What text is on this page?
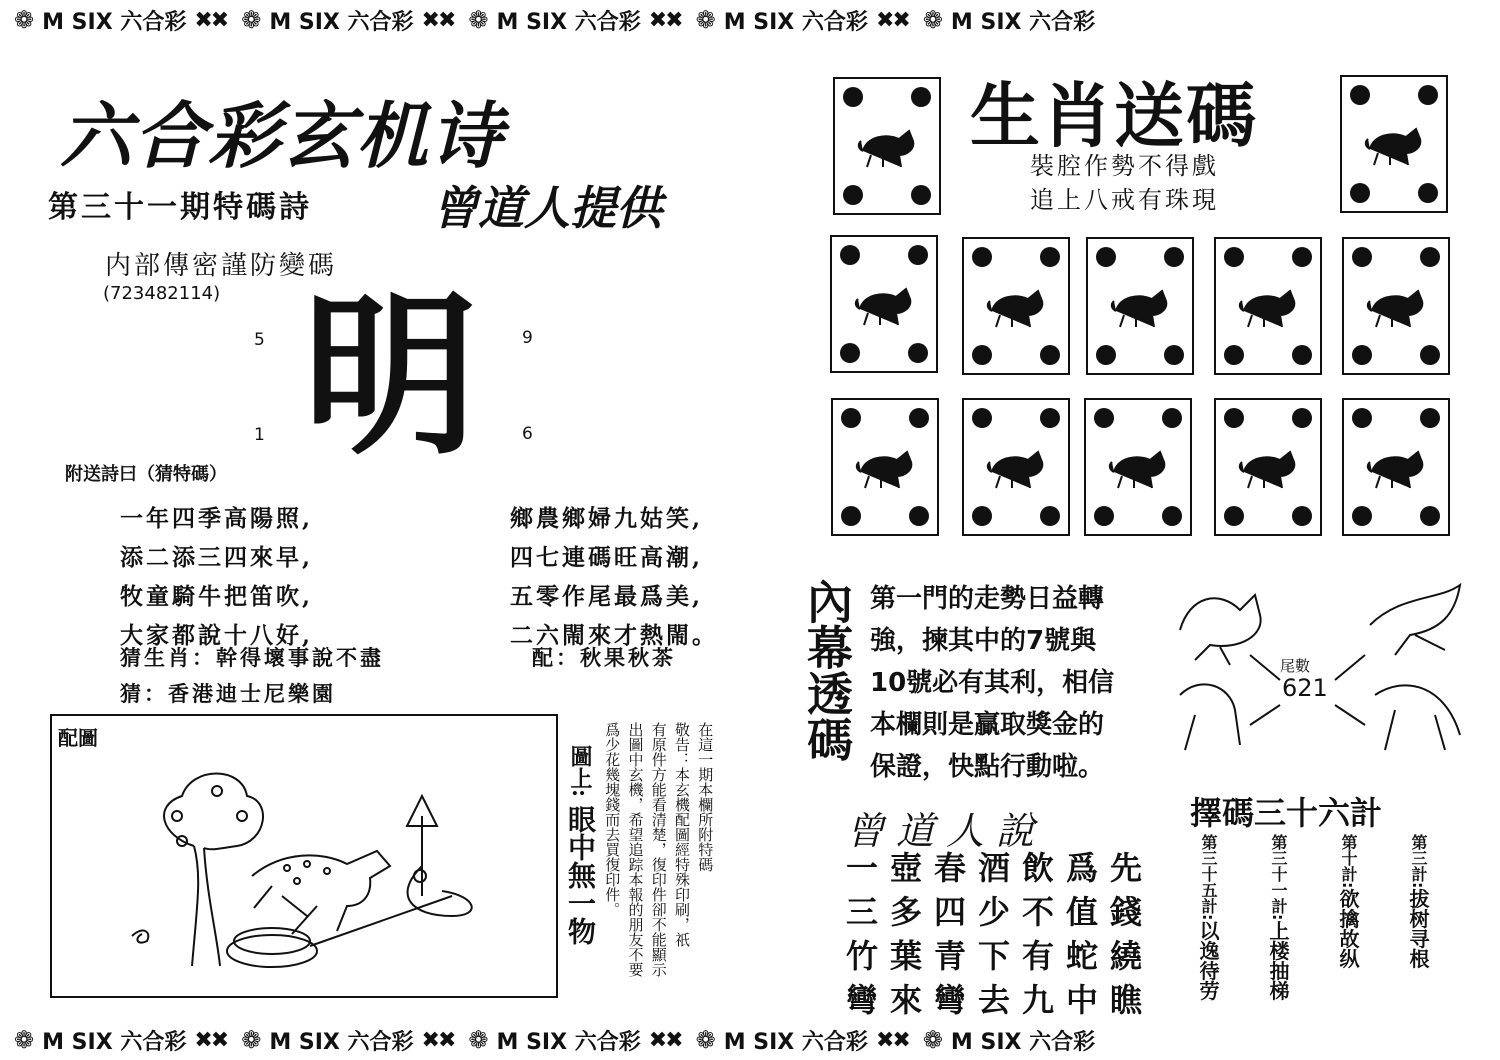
❁ M SIX 六合彩 ✖✖ ❁ M SIX 六合彩 ✖✖ ❁ M SIX 六合彩 ✖✖ ❁ M SIX 六合彩 ✖✖ ❁ M SIX 六合彩
六合彩玄机诗
第三十一期特碼詩	曾道人提供
内部傳密謹防變碼
(723482114)
5	9
1	6
明
附送詩曰（猜特碼）
一年四季高陽照,
添二添三四來早,
牧童騎牛把笛吹,
大家都說十八好,
鄉農鄉婦九姑笑,
四七連碼旺高潮,
五零作尾最爲美,
二六閙來才熱閙。
猜生肖：幹得壞事說不盡	配：秋果秋茶
猜：香港迪士尼樂園
配圖
圖上: 眼中無一物
在這一期本欄所附特碼
敬告：本玄機配圖經特殊印刷，祇
有原件方能看清楚，復印件卻不能顯示
出圖中玄機，希望追踪本報的朋友不要
爲少花幾塊錢而去買復印件。
生肖送碼
裝腔作勢不得戲
追上八戒有珠現
內幕透碼 第一門的走勢日益轉
強，揀其中的7號與
10號必有其利，相信
本欄則是贏取獎金的
保證，快點行動啦。
尾數
621
曾道人說
一壺春酒飲爲先
三多四少不值錢
竹葉青下有蛇繞
彎來彎去九中瞧
擇碼三十六計
第三十五計:以逸待劳
第三十一計:上楼抽梯
第十計:欲擒故纵
第三計:拔树寻根
❁ M SIX 六合彩 ✖✖ ❁ M SIX 六合彩 ✖✖ ❁ M SIX 六合彩 ✖✖ ❁ M SIX 六合彩 ✖✖ ❁ M SIX 六合彩
